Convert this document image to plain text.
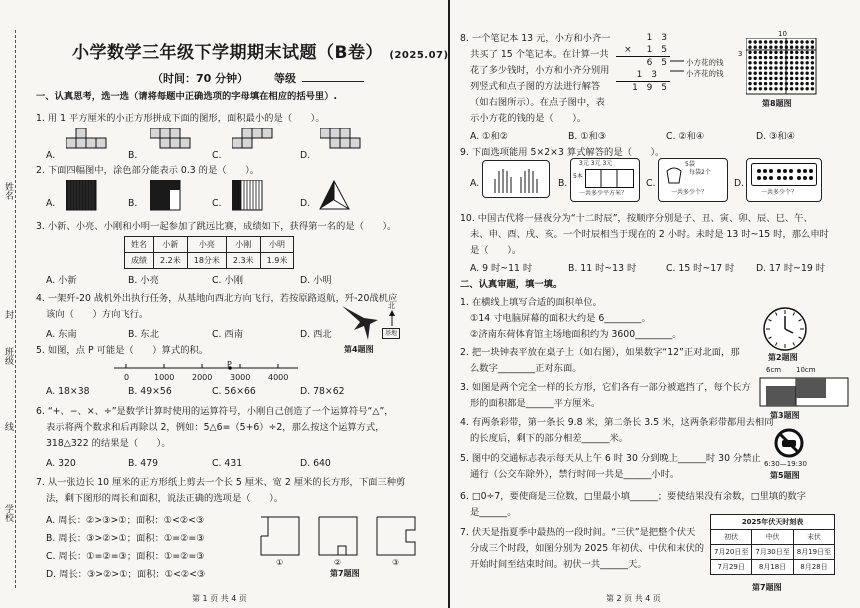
姓名
封
班级
线
学校
小学数学三年级下学期期末试题（B卷） (2025.07)
（时间：70 分钟） 等级
一、认真思考，选一选（请将每题中正确选项的字母填在相应的括号里）.
1. 用 1 平方厘米的小正方形拼成下面的图形，面积最小的是（　　）。
A.	B.	C.	D.
2. 下面四幅图中，涂色部分能表示 0.3 的是（　　）。
A.	B.	C.	D.
3. 小新、小亮、小刚和小明一起参加了跳远比赛，成绩如下，获得第一名的是（　　）。
姓名	小新	小亮	小刚	小明
成绩	2.2米	18分米	2.3米	1.9米
A. 小新	B. 小亮	C. 小刚	D. 小明
4. 一架歼-20 战机外出执行任务，从基地向西北方向飞行，若按原路返航，歼-20战机应
该向（　　）方向飞行。
A. 东南	B. 东北	C. 西南	D. 西北
北
基地
第4题图
5. 如图，点 P 可能是（　　）算式的积。
P
0	1000 2000 3000 4000
A. 18×38	B. 49×56	C. 56×66	D. 78×62
6. “+、−、×、÷”是数学计算时使用的运算符号，小刚自己创造了一个运算符号“△”，
表示将两个数求和后再除以 2，例如：5△6=（5+6）÷2，那么按这个运算方式，
318△322 的结果是（　　）。
A. 320	B. 479	C. 431	D. 640
7. 从一张边长 10 厘米的正方形纸上剪去一个长 5 厘米、宽 2 厘米的长方形，下面三种剪
法，剩下图形的周长和面积，说法正确的选项是（　　）。
A. 周长：②>③>①；面积：①<②<③
B. 周长：③>②>①；面积：①=②=③
C. 周长：①=②=③；面积：①=②=③
D. 周长：③>②>①；面积：①<②<③
①	②	③
第7题图
第 1 页 共 4 页
8. 一个笔记本 13 元，小方和小齐一
共买了 15 个笔记本。在计算一共
花了多少钱时，小方和小齐分别用
列竖式和点子图的方法进行解答
（如右图所示）。在点子图中，表
示小方花的钱的是（　　）。
1 3
×　1 5
6 5
1 3
1 9 5
小方花的钱
小齐花的钱
10
3
第8题图
A. ①和②	B. ①和③	C. ②和④	D. ③和④
9. 下面选项能用 5×2×3 算式解答的是（　　）。
A.	B.
3元 3元 3元
5本
一共多少平方米？
C.
5袋
每袋2个
一共多少个？
D.
一共多少个？
10. 中国古代将一昼夜分为“十二时辰”，按顺序分别是子、丑、寅、卯、辰、巳、午、
未、申、酉、戌、亥。一个时辰相当于现在的 2 小时。未时是 13 时~15 时，那么申时
是（　　）。
A. 9 时~11 时	B. 11 时~13 时	C. 15 时~17 时 D. 17 时~19 时
二、认真审题，填一填。
1. 在横线上填写合适的面积单位。
①14 寸电脑屏幕的面积大约是 6________。
②济南东荷体育馆主场地面积约为 3600________。
第2题图
2. 把一块钟表平放在桌子上（如右图），如果数字“12”正对北面，那
么数字________正对东面。
3. 如图是两个完全一样的长方形，它们各有一部分被遮挡了，每个长方
形的面积都是______平方厘米。
6cm 10cm
第3题图
4. 有两条彩带，第一条长 9.8 米，第二条长 3.5 米，这两条彩带都用去相同
的长度后，剩下的部分相差______米。
6:30—19:30
第5题图
5. 图中的交通标志表示每天从上午 6 时 30 分到晚上______时 30 分禁止
通行（公交车除外），禁行时间一共是______小时。
6. □0÷7，要使商是三位数，□里最小填______；要使结果没有余数，□里填的数字
是______。
7. 伏天是指夏季中最热的一段时间。“三伏”是把整个伏天
分成三个时段，如图分别为 2025 年初伏、中伏和末伏的
开始时间至结束时间。初伏一共______天。
2025年伏天时刻表		
初伏	中伏	末伏
7月20日至	7月30日至	8月19日至
7月29日	8月18日	8月28日
第7题图
第 2 页 共 4 页
